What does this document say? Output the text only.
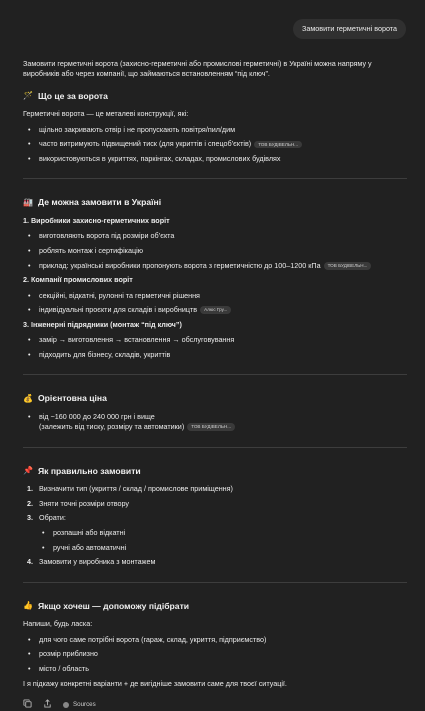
Замовити герметичні ворота

Замовити герметичні ворота (захисно-герметичні або промислові герметичні) в Україні можна напряму у виробників або через компанії, що займаються встановленням “під ключ”.

🪄 Що це за ворота

Герметичні ворота — це металеві конструкції, які:

• щільно закривають отвір і не пропускають повітря/пил/дим
• часто витримують підвищений тиск (для укриттів і спецоб’єктів) ТОВ БУДІВЕЛЬН...
• використовуються в укриттях, паркінгах, складах, промислових будівлях
🏭 Де можна замовити в Україні

1. Виробники захисно-герметичних воріт

• виготовляють ворота під розміри об’єкта
• роблять монтаж і сертифікацію
• приклад: українські виробники пропонують ворота з герметичністю до 100–1200 кПа ТОВ БУДІВЕЛЬН...

2. Компанії промислових воріт

• секційні, відкатні, рулонні та герметичні рішення
• індивідуальні проєкти для складів і виробництв Алюс Гру...

3. Інженерні підрядники (монтаж “під ключ”)

• замір → виготовлення → встановлення → обслуговування
• підходить для бізнесу, складів, укриттів
💰 Орієнтовна ціна
• від ~160 000 до 240 000 грн і вище
(залежить від тиску, розміру та автоматики) ТОВ БУДІВЕЛЬН...
📌 Як правильно замовити
1. Визначити тип (укриття / склад / промислове приміщення)
2. Зняти точні розміри отвору
3. Обрати:
• розпашні або відкатні
• ручні або автоматичні
4. Замовити у виробника з монтажем
👍 Якщо хочеш — допоможу підібрати

Напиши, будь ласка:

• для чого саме потрібні ворота (гараж, склад, укриття, підприємство)
• розмір приблизно
• місто / область

І я підкажу конкретні варіанти + де вигідніше замовити саме для твоєї ситуації.

Sources
